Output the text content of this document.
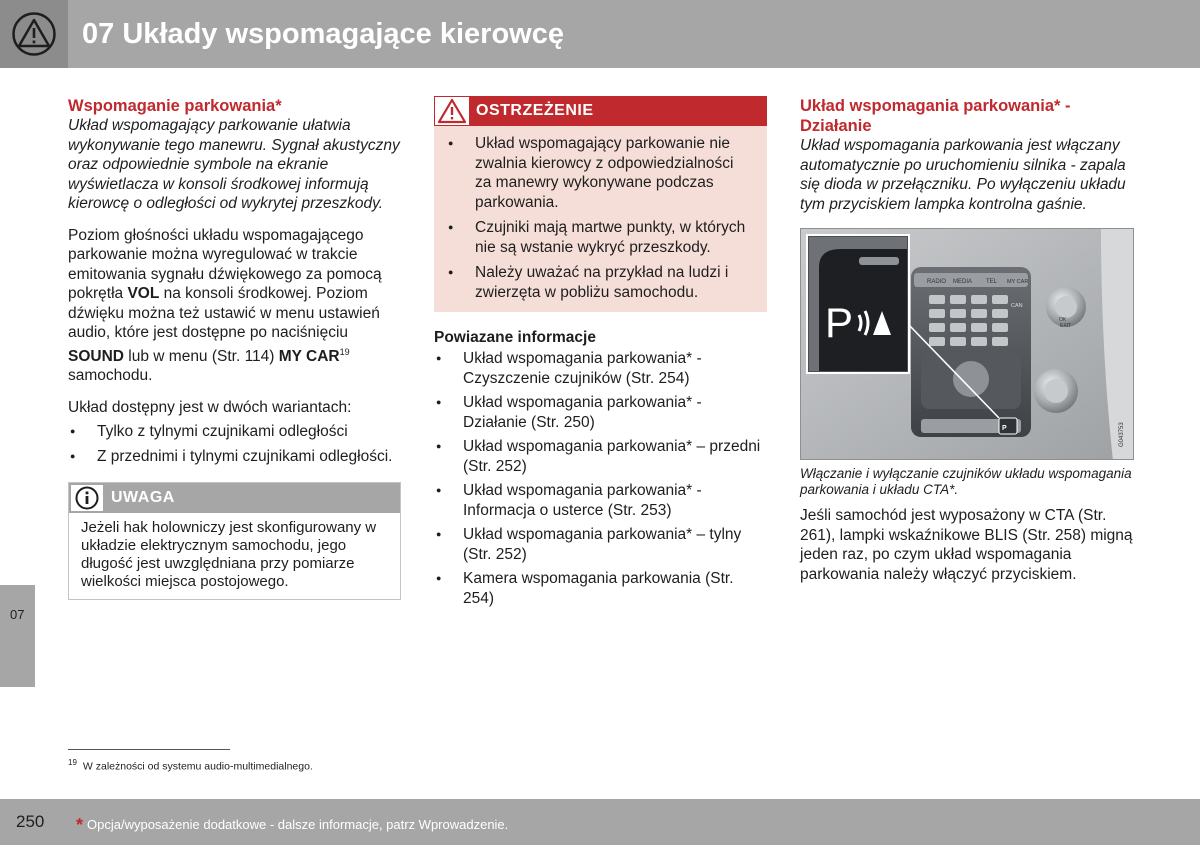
07 Układy wspomagające kierowcę
07
Wspomaganie parkowania*

Układ wspomagający parkowanie ułatwia wykonywanie tego manewru. Sygnał akustyczny oraz odpowiednie symbole na ekranie wyświetlacza w konsoli środkowej informują kierowcę o odległości od wykrytej przeszkody.

Poziom głośności układu wspomagającego parkowanie można wyregulować w trakcie emitowania sygnału dźwiękowego za pomocą pokrętła VOL na konsoli środkowej. Poziom dźwięku można też ustawić w menu ustawień audio, które jest dostępne po naciśnięciu SOUND lub w menu (Str. 114) MY CAR$^{19}$ samochodu.

Układ dostępny jest w dwóch wariantach:

● Tylko z tylnymi czujnikami odległości
● Z przednimi i tylnymi czujnikami odległości.
UWAGA
Jeżeli hak holowniczy jest skonfigurowany w układzie elektrycznym samochodu, jego długość jest uwzględniana przy pomiarze wielkości miejsca postojowego.
OSTRZEŻENIE
● Układ wspomagający parkowanie nie zwalnia kierowcy z odpowiedzialności za manewry wykonywane podczas parkowania.
● Czujniki mają martwe punkty, w których nie są wstanie wykryć przeszkody.
● Należy uważać na przykład na ludzi i zwierzęta w pobliżu samochodu.
Powiazane informacje
● Układ wspomagania parkowania* - Czyszczenie czujników (Str. 254)
● Układ wspomagania parkowania* - Działanie (Str. 250)
● Układ wspomagania parkowania* – przedni (Str. 252)
● Układ wspomagania parkowania* - Informacja o usterce (Str. 253)
● Układ wspomagania parkowania* – tylny (Str. 252)
● Kamera wspomagania parkowania (Str. 254)
Układ wspomagania parkowania* - Działanie

Układ wspomagania parkowania jest włączany automatycznie po uruchomieniu silnika - zapala się dioda w przełączniku. Po wyłączeniu układu tym przyciskiem lampka kontrolna gaśnie.

RADIO MEDIA TEL MY CAR
CAN
P
OK
EXIT
P
G043753

Włączanie i wyłączanie czujników układu wspomagania parkowania i układu CTA*.

Jeśli samochód jest wyposażony w CTA (Str. 261), lampki wskaźnikowe BLIS (Str. 258) migną jeden raz, po czym układ wspomagania parkowania należy włączyć przyciskiem.

$^{19}$ W zależności od systemu audio-multimedialnego.
250 * Opcja/wyposażenie dodatkowe - dalsze informacje, patrz Wprowadzenie.
